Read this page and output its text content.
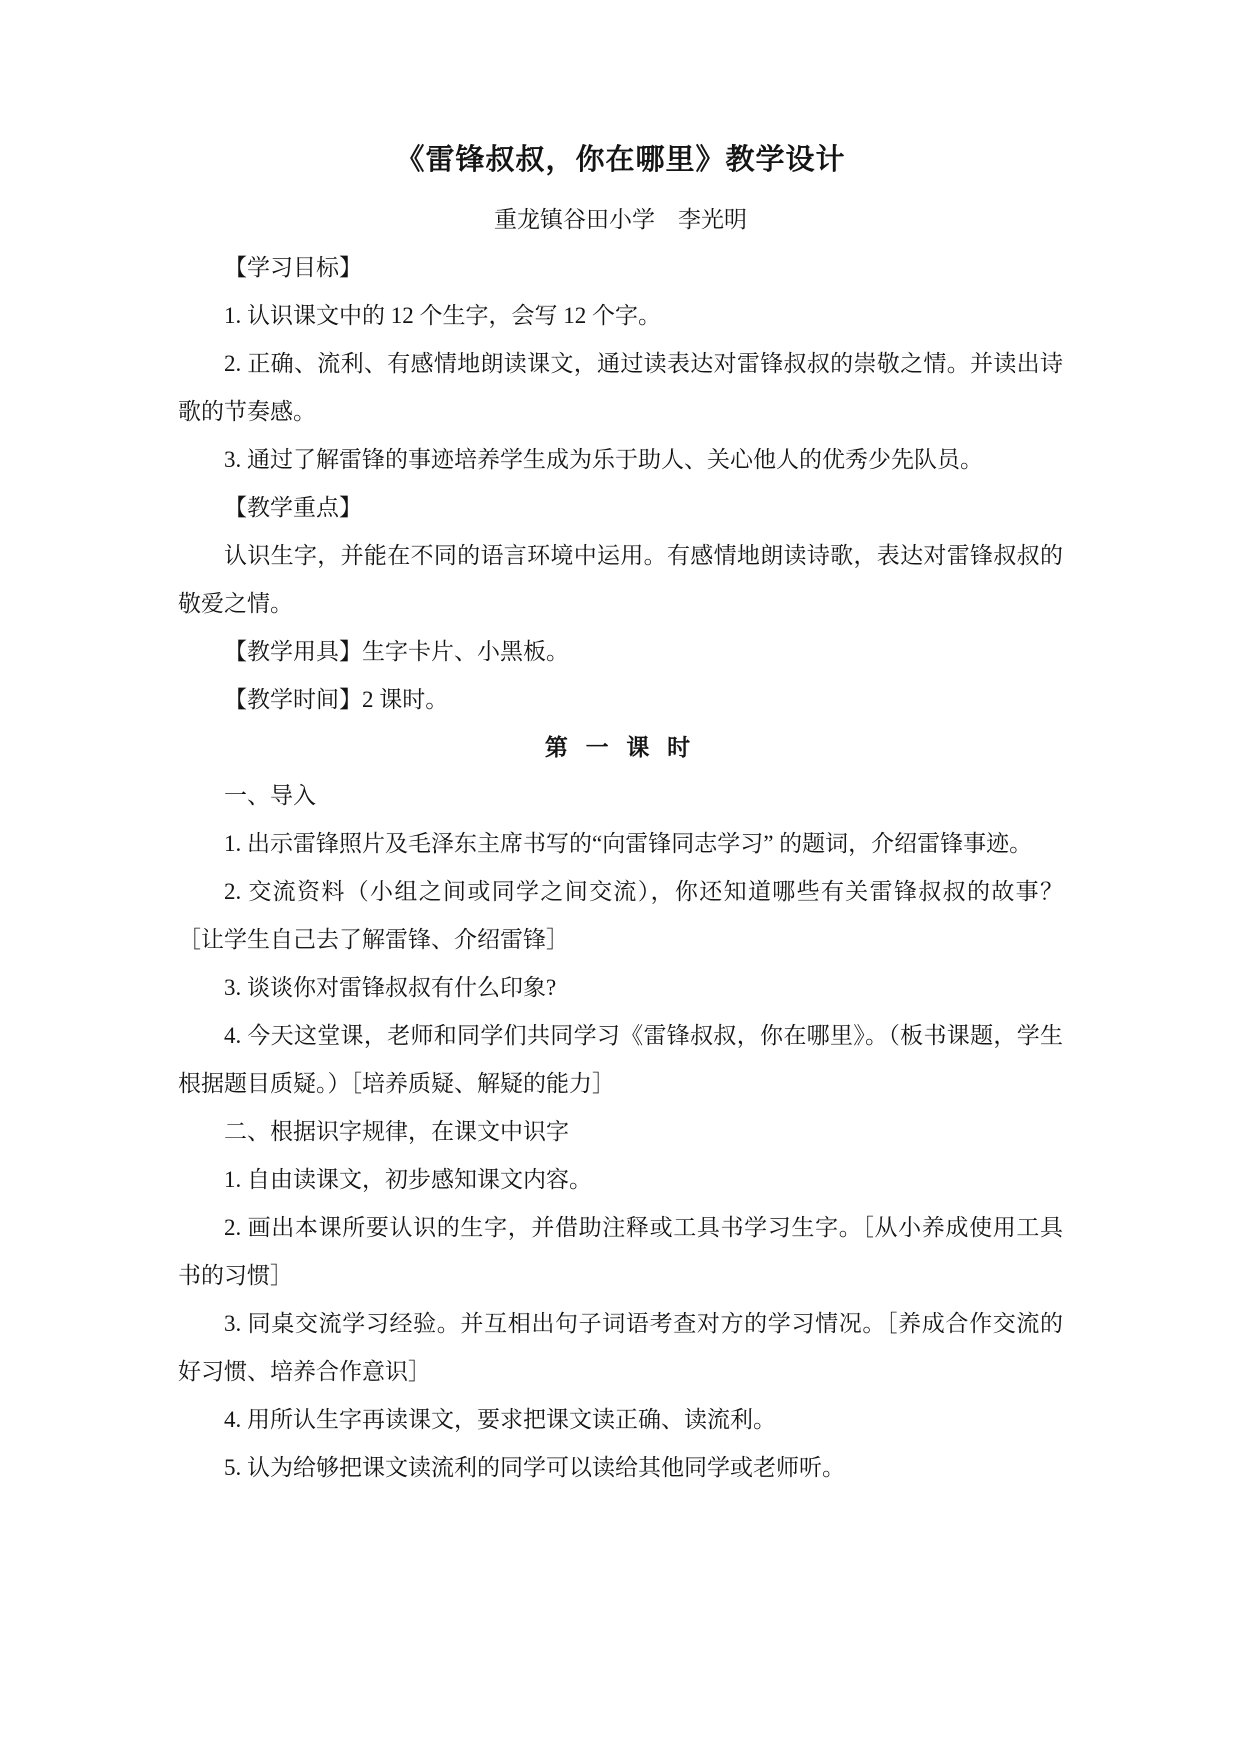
《雷锋叔叔，你在哪里》教学设计

重龙镇谷田小学　李光明

【学习目标】

1. 认识课文中的 12 个生字，会写 12 个字。

2. 正确、流利、有感情地朗读课文，通过读表达对雷锋叔叔的崇敬之情。并读出诗歌的节奏感。

3. 通过了解雷锋的事迹培养学生成为乐于助人、关心他人的优秀少先队员。

【教学重点】

认识生字，并能在不同的语言环境中运用。有感情地朗读诗歌，表达对雷锋叔叔的敬爱之情。

【教学用具】生字卡片、小黑板。

【教学时间】2 课时。

第 一 课 时

一、导入

1. 出示雷锋照片及毛泽东主席书写的“向雷锋同志学习” 的题词，介绍雷锋事迹。

2. 交流资料（小组之间或同学之间交流），你还知道哪些有关雷锋叔叔的故事？ ［让学生自己去了解雷锋、介绍雷锋］

3. 谈谈你对雷锋叔叔有什么印象?

4. 今天这堂课，老师和同学们共同学习《雷锋叔叔，你在哪里》。（板书课题，学生根据题目质疑。）［培养质疑、解疑的能力］

二、根据识字规律，在课文中识字

1. 自由读课文，初步感知课文内容。

2. 画出本课所要认识的生字，并借助注释或工具书学习生字。［从小养成使用工具书的习惯］

3. 同桌交流学习经验。并互相出句子词语考查对方的学习情况。［养成合作交流的好习惯、培养合作意识］

4. 用所认生字再读课文，要求把课文读正确、读流利。

5. 认为给够把课文读流利的同学可以读给其他同学或老师听。
